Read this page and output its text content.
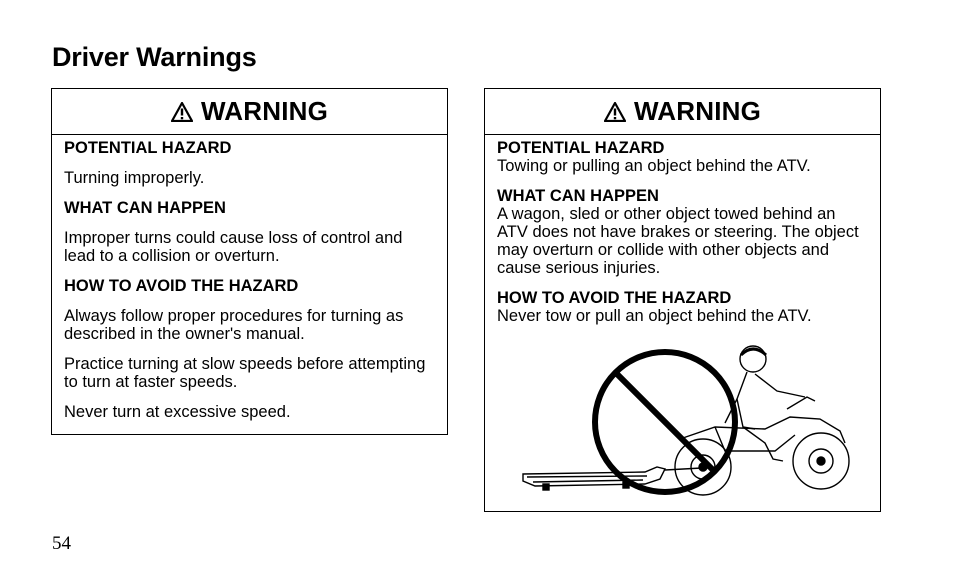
Driver Warnings
WARNING

POTENTIAL HAZARD

Turning improperly.

WHAT CAN HAPPEN

Improper turns could cause loss of control and lead to a collision or overturn.

HOW TO AVOID THE HAZARD

Always follow proper procedures for turning as described in the owner's manual.

Practice turning at slow speeds before attempting to turn at faster speeds.

Never turn at excessive speed.

WARNING

POTENTIAL HAZARD

Towing or pulling an object behind the ATV.

WHAT CAN HAPPEN

A wagon, sled or other object towed behind an ATV does not have brakes or steering. The object may overturn or collide with other objects and cause serious injuries.

HOW TO AVOID THE HAZARD

Never tow or pull an object behind the ATV.

54
